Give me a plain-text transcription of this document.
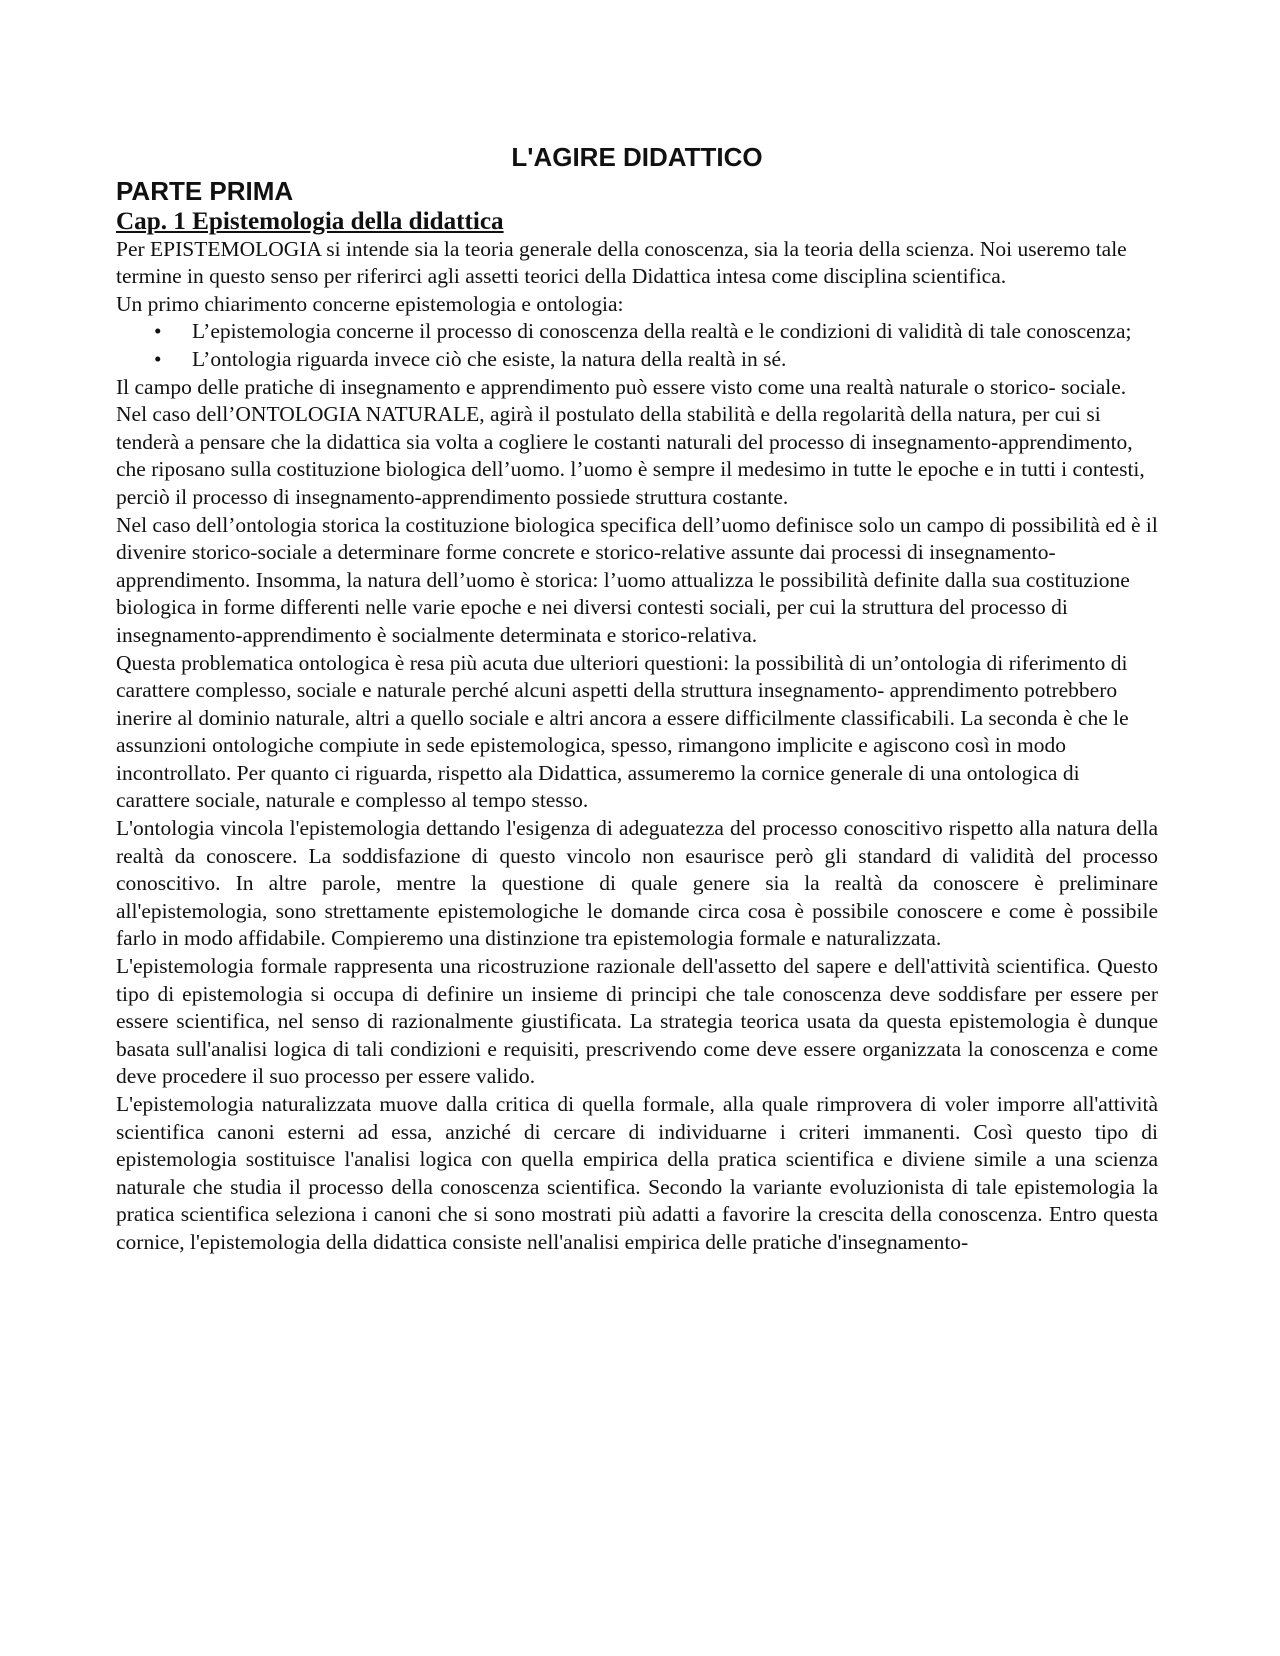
L'AGIRE DIDATTICO
PARTE PRIMA
Cap. 1 Epistemologia della didattica

Per EPISTEMOLOGIA si intende sia la teoria generale della conoscenza, sia la teoria della scienza. Noi useremo tale termine in questo senso per riferirci agli assetti teorici della Didattica intesa come disciplina scientifica.

Un primo chiarimento concerne epistemologia e ontologia:

• L’epistemologia concerne il processo di conoscenza della realtà e le condizioni di validità di tale conoscenza;
• L’ontologia riguarda invece ciò che esiste, la natura della realtà in sé.

Il campo delle pratiche di insegnamento e apprendimento può essere visto come una realtà naturale o storico- sociale.

Nel caso dell’ONTOLOGIA NATURALE, agirà il postulato della stabilità e della regolarità della natura, per cui si tenderà a pensare che la didattica sia volta a cogliere le costanti naturali del processo di insegnamento-apprendimento, che riposano sulla costituzione biologica dell’uomo. l’uomo è sempre il medesimo in tutte le epoche e in tutti i contesti, perciò il processo di insegnamento-apprendimento possiede struttura costante.

Nel caso dell’ontologia storica la costituzione biologica specifica dell’uomo definisce solo un campo di possibilità ed è il divenire storico-sociale a determinare forme concrete e storico-relative assunte dai processi di insegnamento-apprendimento. Insomma, la natura dell’uomo è storica: l’uomo attualizza le possibilità definite dalla sua costituzione biologica in forme differenti nelle varie epoche e nei diversi contesti sociali, per cui la struttura del processo di insegnamento-apprendimento è socialmente determinata e storico-relativa.

Questa problematica ontologica è resa più acuta due ulteriori questioni: la possibilità di un’ontologia di riferimento di carattere complesso, sociale e naturale perché alcuni aspetti della struttura insegnamento- apprendimento potrebbero inerire al dominio naturale, altri a quello sociale e altri ancora a essere difficilmente classificabili. La seconda è che le assunzioni ontologiche compiute in sede epistemologica, spesso, rimangono implicite e agiscono così in modo incontrollato. Per quanto ci riguarda, rispetto ala Didattica, assumeremo la cornice generale di una ontologica di carattere sociale, naturale e complesso al tempo stesso.

L'ontologia vincola l'epistemologia dettando l'esigenza di adeguatezza del processo conoscitivo rispetto alla natura della realtà da conoscere. La soddisfazione di questo vincolo non esaurisce però gli standard di validità del processo conoscitivo. In altre parole, mentre la questione di quale genere sia la realtà da conoscere è preliminare all'epistemologia, sono strettamente epistemologiche le domande circa cosa è possibile conoscere e come è possibile farlo in modo affidabile. Compieremo una distinzione tra epistemologia formale e naturalizzata.

L'epistemologia formale rappresenta una ricostruzione razionale dell'assetto del sapere e dell'attività scientifica. Questo tipo di epistemologia si occupa di definire un insieme di principi che tale conoscenza deve soddisfare per essere per essere scientifica, nel senso di razionalmente giustificata. La strategia teorica usata da questa epistemologia è dunque basata sull'analisi logica di tali condizioni e requisiti, prescrivendo come deve essere organizzata la conoscenza e come deve procedere il suo processo per essere valido.

L'epistemologia naturalizzata muove dalla critica di quella formale, alla quale rimprovera di voler imporre all'attività scientifica canoni esterni ad essa, anziché di cercare di individuarne i criteri immanenti. Così questo tipo di epistemologia sostituisce l'analisi logica con quella empirica della pratica scientifica e diviene simile a una scienza naturale che studia il processo della conoscenza scientifica. Secondo la variante evoluzionista di tale epistemologia la pratica scientifica seleziona i canoni che si sono mostrati più adatti a favorire la crescita della conoscenza. Entro questa cornice, l'epistemologia della didattica consiste nell'analisi empirica delle pratiche d'insegnamento-
